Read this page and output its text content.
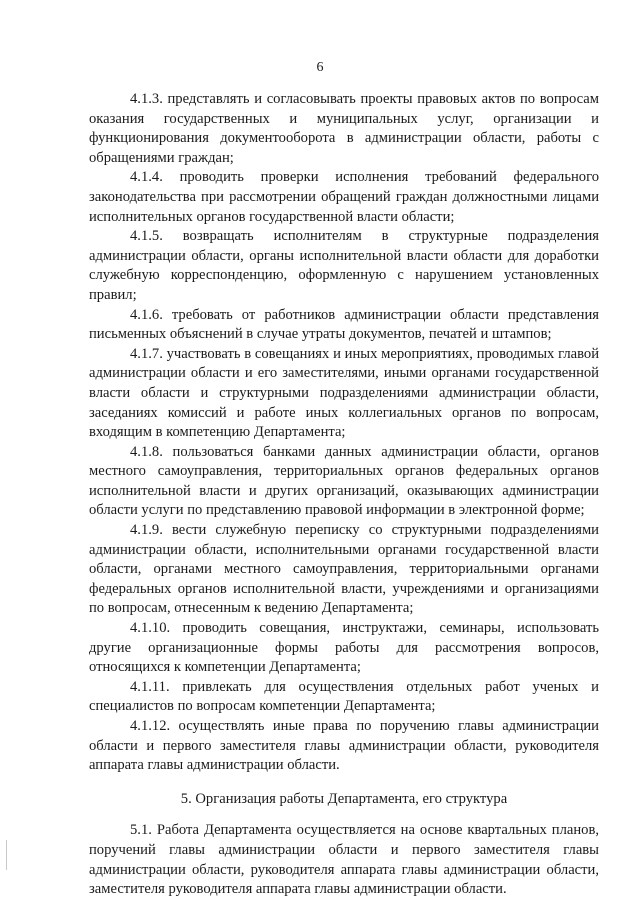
6

4.1.3. представлять и согласовывать проекты правовых актов по вопросам оказания государственных и муниципальных услуг, организации и функционирования документооборота в администрации области, работы с обращениями граждан;

4.1.4. проводить проверки исполнения требований федерального законодательства при рассмотрении обращений граждан должностными лицами исполнительных органов государственной власти области;

4.1.5. возвращать исполнителям в структурные подразделения администрации области, органы исполнительной власти области для доработки служебную корреспонденцию, оформленную с нарушением установленных правил;

4.1.6. требовать от работников администрации области представления письменных объяснений в случае утраты документов, печатей и штампов;

4.1.7. участвовать в совещаниях и иных мероприятиях, проводимых главой администрации области и его заместителями, иными органами государственной власти области и структурными подразделениями администрации области, заседаниях комиссий и работе иных коллегиальных органов по вопросам, входящим в компетенцию Департамента;

4.1.8. пользоваться банками данных администрации области, органов местного самоуправления, территориальных органов федеральных органов исполнительной власти и других организаций, оказывающих администрации области услуги по представлению правовой информации в электронной форме;

4.1.9. вести служебную переписку со структурными подразделениями администрации области, исполнительными органами государственной власти области, органами местного самоуправления, территориальными органами федеральных органов исполнительной власти, учреждениями и организациями по вопросам, отнесенным к ведению Департамента;

4.1.10. проводить совещания, инструктажи, семинары, использовать другие организационные формы работы для рассмотрения вопросов, относящихся к компетенции Департамента;

4.1.11. привлекать для осуществления отдельных работ ученых и специалистов по вопросам компетенции Департамента;

4.1.12. осуществлять иные права по поручению главы администрации области и первого заместителя главы администрации области, руководителя аппарата главы администрации области.

5. Организация работы Департамента, его структура

5.1. Работа Департамента осуществляется на основе квартальных планов, поручений главы администрации области и первого заместителя главы администрации области, руководителя аппарата главы администрации области, заместителя руководителя аппарата главы администрации области.
